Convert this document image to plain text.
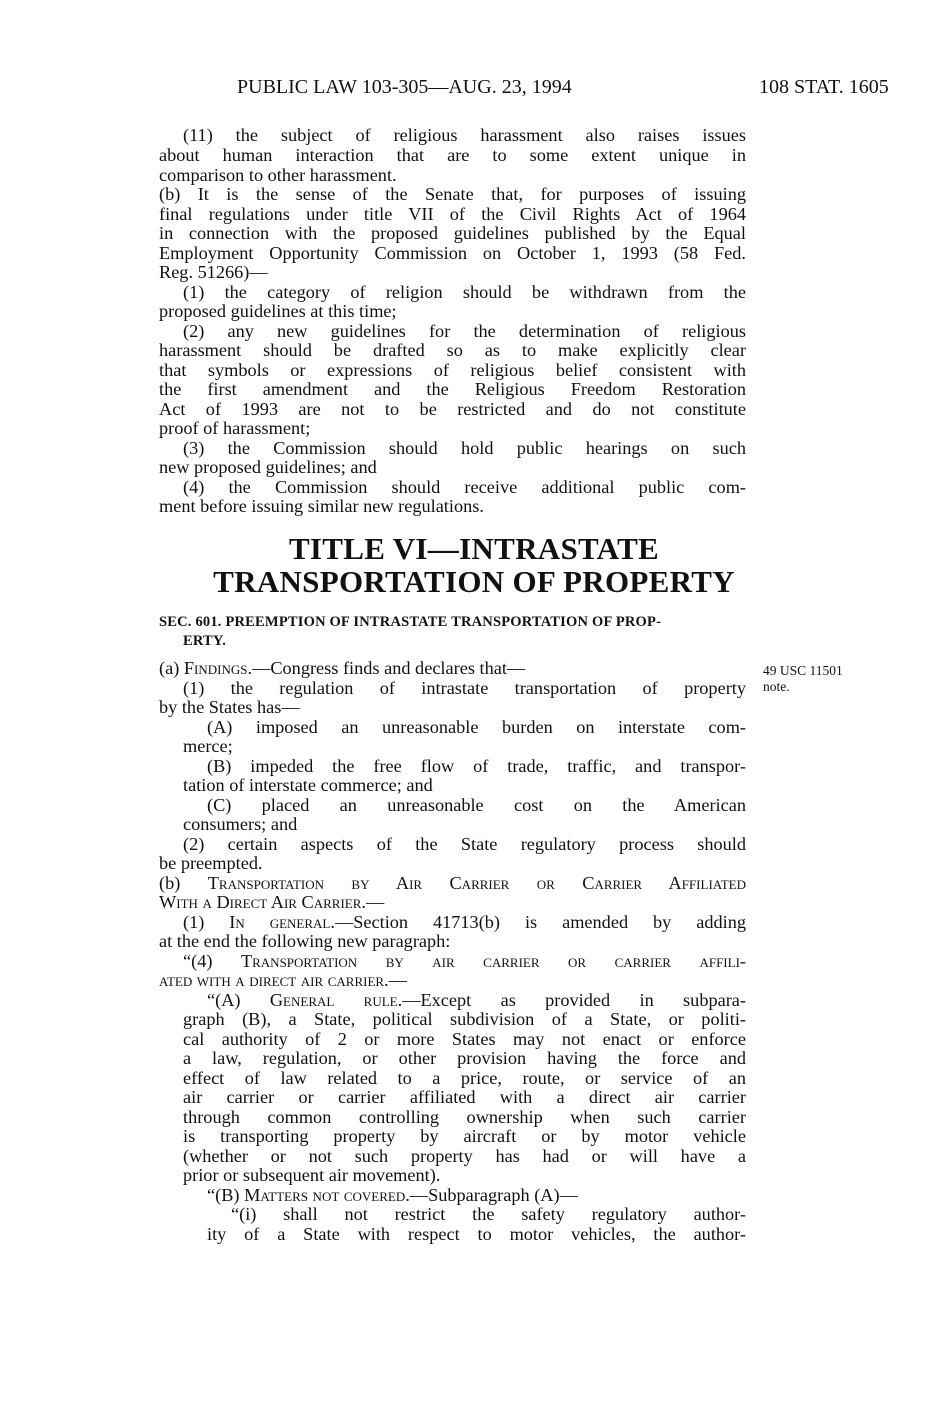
PUBLIC LAW 103-305—AUG. 23, 1994	108 STAT. 1605
(11) the subject of religious harassment also raises issues
about human interaction that are to some extent unique in
comparison to other harassment.
(b) It is the sense of the Senate that, for purposes of issuing
final regulations under title VII of the Civil Rights Act of 1964
in connection with the proposed guidelines published by the Equal
Employment Opportunity Commission on October 1, 1993 (58 Fed.
Reg. 51266)—
(1) the category of religion should be withdrawn from the
proposed guidelines at this time;
(2) any new guidelines for the determination of religious
harassment should be drafted so as to make explicitly clear
that symbols or expressions of religious belief consistent with
the first amendment and the Religious Freedom Restoration
Act of 1993 are not to be restricted and do not constitute
proof of harassment;
(3) the Commission should hold public hearings on such
new proposed guidelines; and
(4) the Commission should receive additional public com-
ment before issuing similar new regulations.
TITLE VI—INTRASTATE
TRANSPORTATION OF PROPERTY
SEC. 601. PREEMPTION OF INTRASTATE TRANSPORTATION OF PROP-
ERTY.
(a) Findings.—Congress finds and declares that—	49 USC 11501
note.
(1) the regulation of intrastate transportation of property
by the States has—
(A) imposed an unreasonable burden on interstate com-
merce;
(B) impeded the free flow of trade, traffic, and transpor-
tation of interstate commerce; and
(C) placed an unreasonable cost on the American
consumers; and
(2) certain aspects of the State regulatory process should
be preempted.
(b) Transportation by Air Carrier or Carrier Affiliated
With a Direct Air Carrier.—
(1) In general.—Section 41713(b) is amended by adding
at the end the following new paragraph:
“(4) Transportation by air carrier or carrier affili-
ated with a direct air carrier.—
“(A) General rule.—Except as provided in subpara-
graph (B), a State, political subdivision of a State, or politi-
cal authority of 2 or more States may not enact or enforce
a law, regulation, or other provision having the force and
effect of law related to a price, route, or service of an
air carrier or carrier affiliated with a direct air carrier
through common controlling ownership when such carrier
is transporting property by aircraft or by motor vehicle
(whether or not such property has had or will have a
prior or subsequent air movement).
“(B) Matters not covered.—Subparagraph (A)—
“(i) shall not restrict the safety regulatory author-
ity of a State with respect to motor vehicles, the author-
